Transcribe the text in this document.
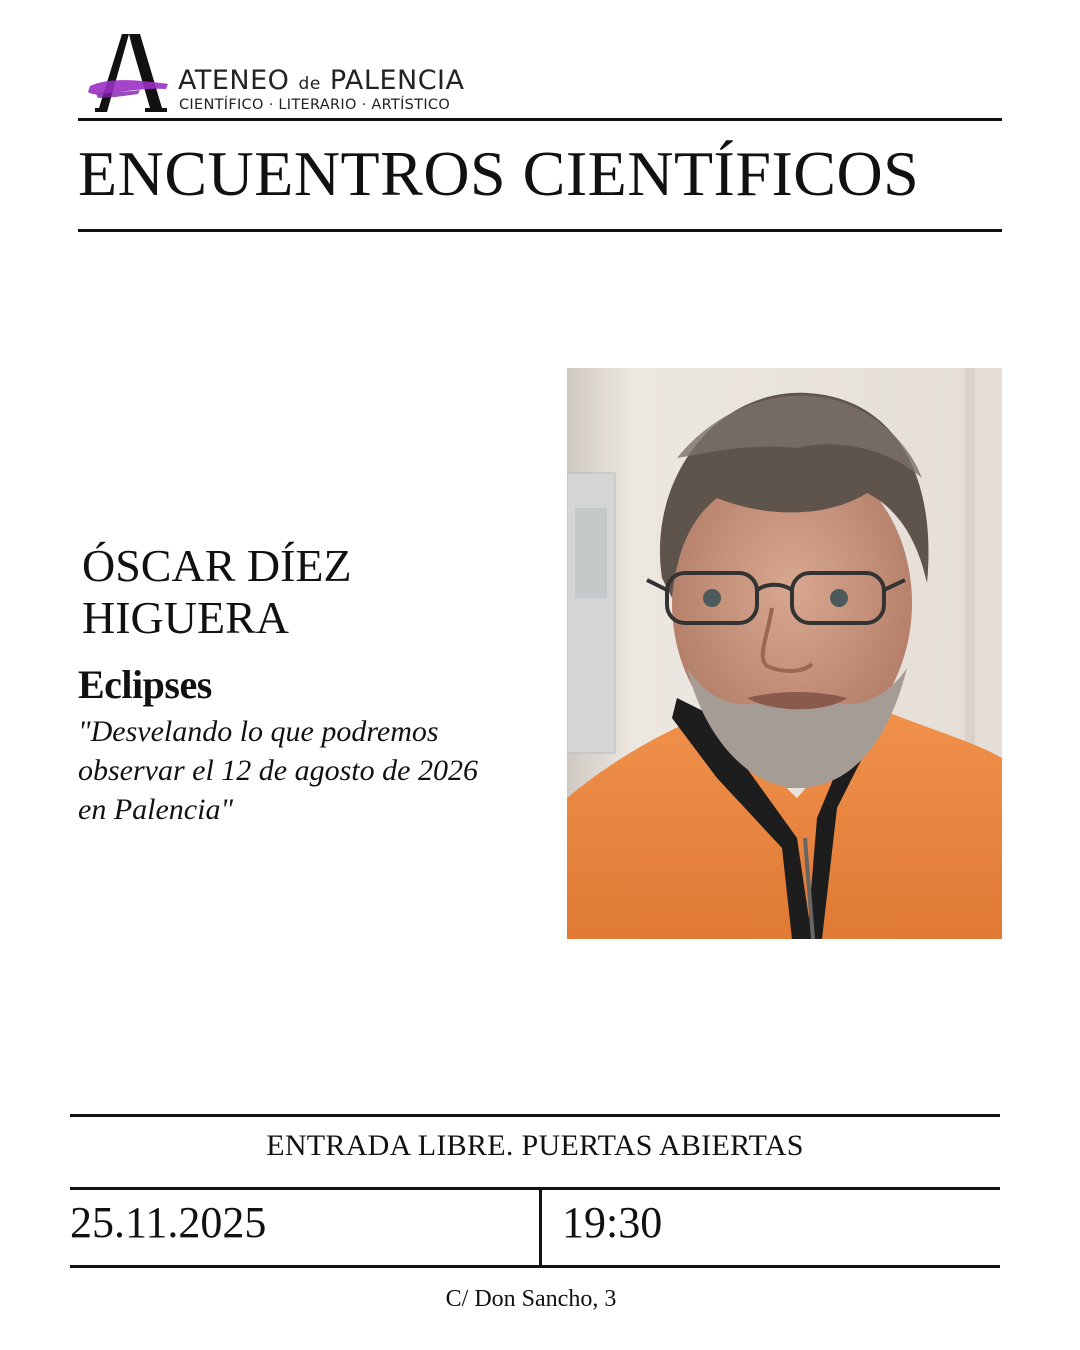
ATENEO de PALENCIA
CIENTÍFICO · LITERARIO · ARTÍSTICO
ENCUENTROS CIENTÍFICOS
ÓSCAR DÍEZ
HIGUERA
Eclipses
"Desvelando lo que podremos
observar el 12 de agosto de 2026
en Palencia"
ENTRADA LIBRE. PUERTAS ABIERTAS
25.11.2025	19:30
C/ Don Sancho, 3
